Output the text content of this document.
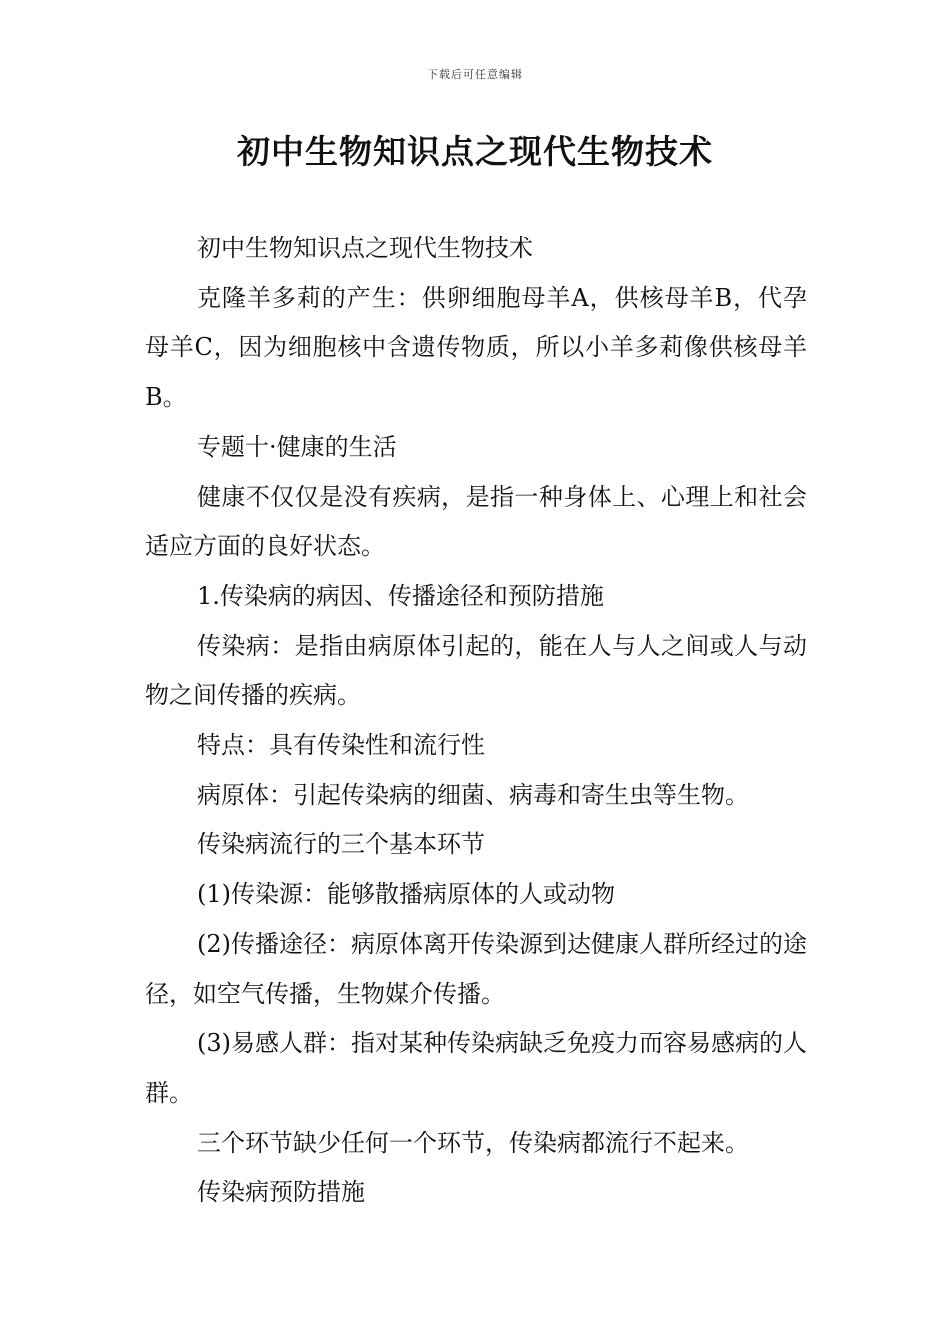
下载后可任意编辑
初中生物知识点之现代生物技术

初中生物知识点之现代生物技术

克隆羊多莉的产生：供卵细胞母羊A，供核母羊B，代孕母羊C，因为细胞核中含遗传物质，所以小羊多莉像供核母羊B。

专题十·健康的生活

健康不仅仅是没有疾病，是指一种身体上、心理上和社会适应方面的良好状态。

1.传染病的病因、传播途径和预防措施

传染病：是指由病原体引起的，能在人与人之间或人与动物之间传播的疾病。

特点：具有传染性和流行性

病原体：引起传染病的细菌、病毒和寄生虫等生物。

传染病流行的三个基本环节

(1)传染源：能够散播病原体的人或动物

(2)传播途径：病原体离开传染源到达健康人群所经过的途径，如空气传播，生物媒介传播。

(3)易感人群：指对某种传染病缺乏免疫力而容易感病的人群。

三个环节缺少任何一个环节，传染病都流行不起来。

传染病预防措施
